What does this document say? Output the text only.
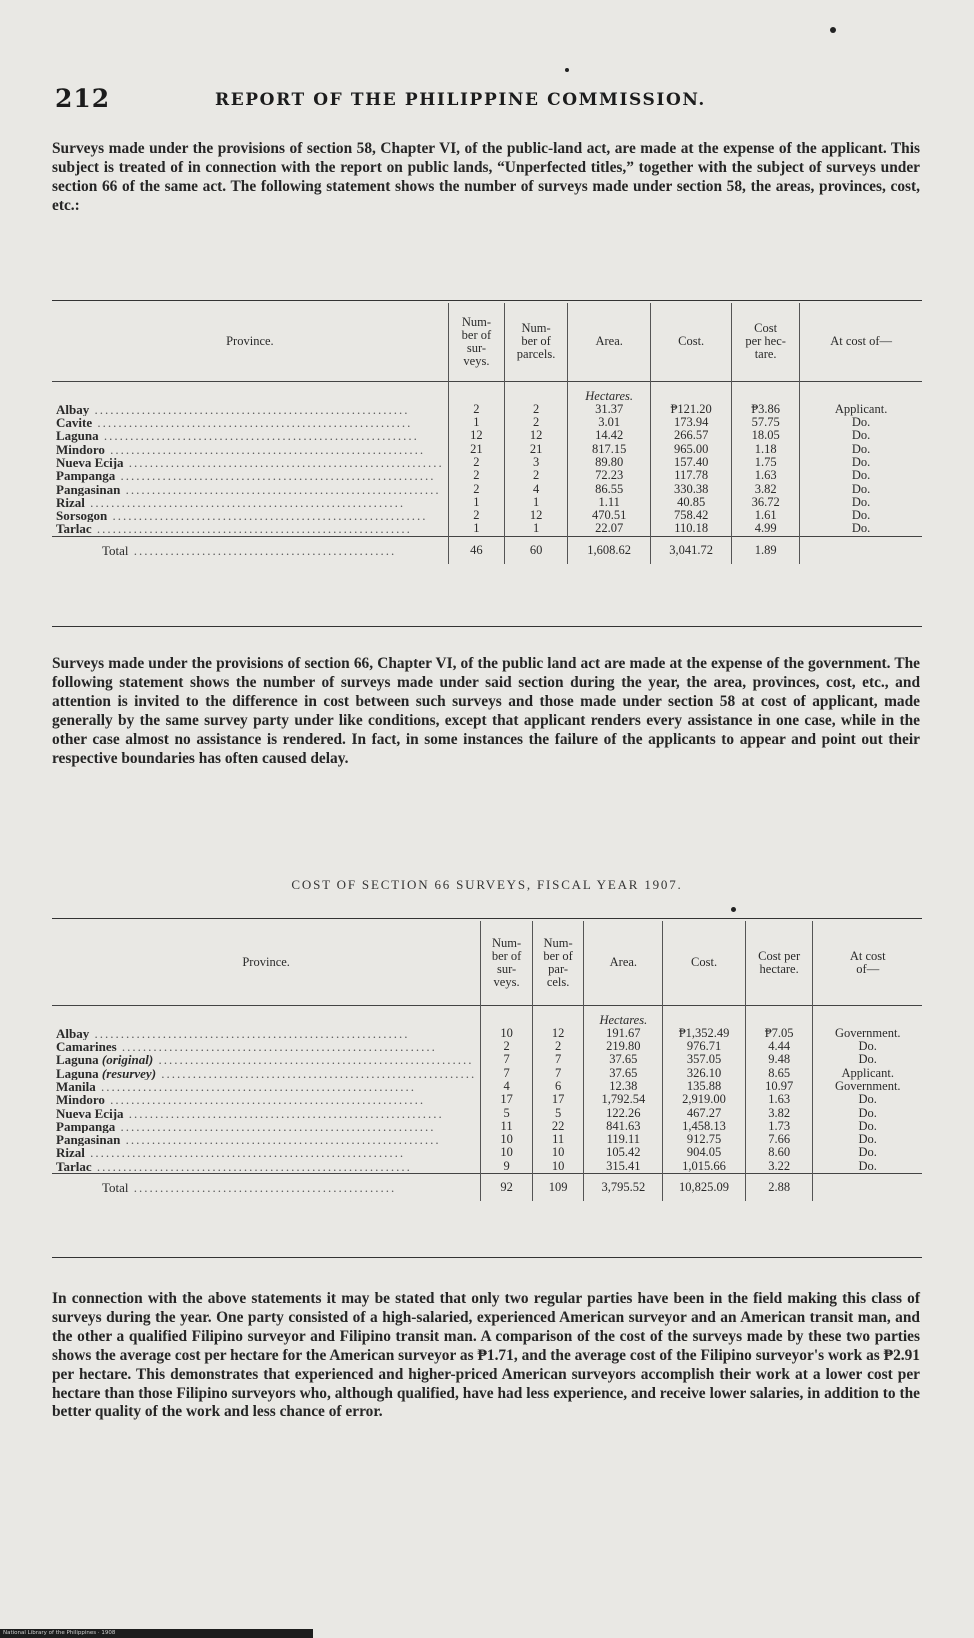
212	REPORT OF THE PHILIPPINE COMMISSION.

Surveys made under the provisions of section 58, Chapter VI, of the public-land act, are made at the expense of the applicant. This subject is treated of in connection with the report on public lands, “Unperfected titles,” together with the subject of surveys under section 66 of the same act. The following statement shows the number of surveys made under section 58, the areas, provinces, cost, etc.:

Province.	Num-
ber of
sur-
veys.	Num-
ber of
parcels.	Area.	Cost.	Cost
per hec-
tare.	At cost of—
			Hectares.			
Albay ............................................................	2	2	31.37	₱121.20	₱3.86	Applicant.
Cavite ............................................................	1	2	3.01	173.94	57.75	Do.
Laguna ............................................................	12	12	14.42	266.57	18.05	Do.
Mindoro ............................................................	21	21	817.15	965.00	1.18	Do.
Nueva Ecija ............................................................	2	3	89.80	157.40	1.75	Do.
Pampanga ............................................................	2	2	72.23	117.78	1.63	Do.
Pangasinan ............................................................	2	4	86.55	330.38	3.82	Do.
Rizal ............................................................	1	1	1.11	40.85	36.72	Do.
Sorsogon ............................................................	2	12	470.51	758.42	1.61	Do.
Tarlac ............................................................	1	1	22.07	110.18	4.99	Do.
Total ..................................................	46	60	1,608.62	3,041.72	1.89	

Surveys made under the provisions of section 66, Chapter VI, of the public land act are made at the expense of the government. The following statement shows the number of surveys made under said section during the year, the area, provinces, cost, etc., and attention is invited to the difference in cost between such surveys and those made under section 58 at cost of applicant, made generally by the same survey party under like conditions, except that applicant renders every assistance in one case, while in the other case almost no assistance is rendered. In fact, in some instances the failure of the applicants to appear and point out their respective boundaries has often caused delay.

COST OF SECTION 66 SURVEYS, FISCAL YEAR 1907.
Province.	Num-
ber of
sur-
veys.	Num-
ber of
par-
cels.	Area.	Cost.	Cost per
hectare.	At cost
of—
			Hectares.			
Albay ............................................................	10	12	191.67	₱1,352.49	₱7.05	Government.
Camarines ............................................................	2	2	219.80	976.71	4.44	Do.
Laguna (original) ............................................................	7	7	37.65	357.05	9.48	Do.
Laguna (resurvey) ............................................................	7	7	37.65	326.10	8.65	Applicant.
Manila ............................................................	4	6	12.38	135.88	10.97	Government.
Mindoro ............................................................	17	17	1,792.54	2,919.00	1.63	Do.
Nueva Ecija ............................................................	5	5	122.26	467.27	3.82	Do.
Pampanga ............................................................	11	22	841.63	1,458.13	1.73	Do.
Pangasinan ............................................................	10	11	119.11	912.75	7.66	Do.
Rizal ............................................................	10	10	105.42	904.05	8.60	Do.
Tarlac ............................................................	9	10	315.41	1,015.66	3.22	Do.
Total ..................................................	92	109	3,795.52	10,825.09	2.88	

In connection with the above statements it may be stated that only two regular parties have been in the field making this class of surveys during the year. One party consisted of a high-salaried, experienced American surveyor and an American transit man, and the other a qualified Filipino surveyor and Filipino transit man. A comparison of the cost of the surveys made by these two parties shows the average cost per hectare for the American surveyor as ₱1.71, and the average cost of the Filipino surveyor's work as ₱2.91 per hectare. This demonstrates that experienced and higher-priced American surveyors accomplish their work at a lower cost per hectare than those Filipino surveyors who, although qualified, have had less experience, and receive lower salaries, in addition to the better quality of the work and less chance of error.

National Library of the Philippines · 1908
